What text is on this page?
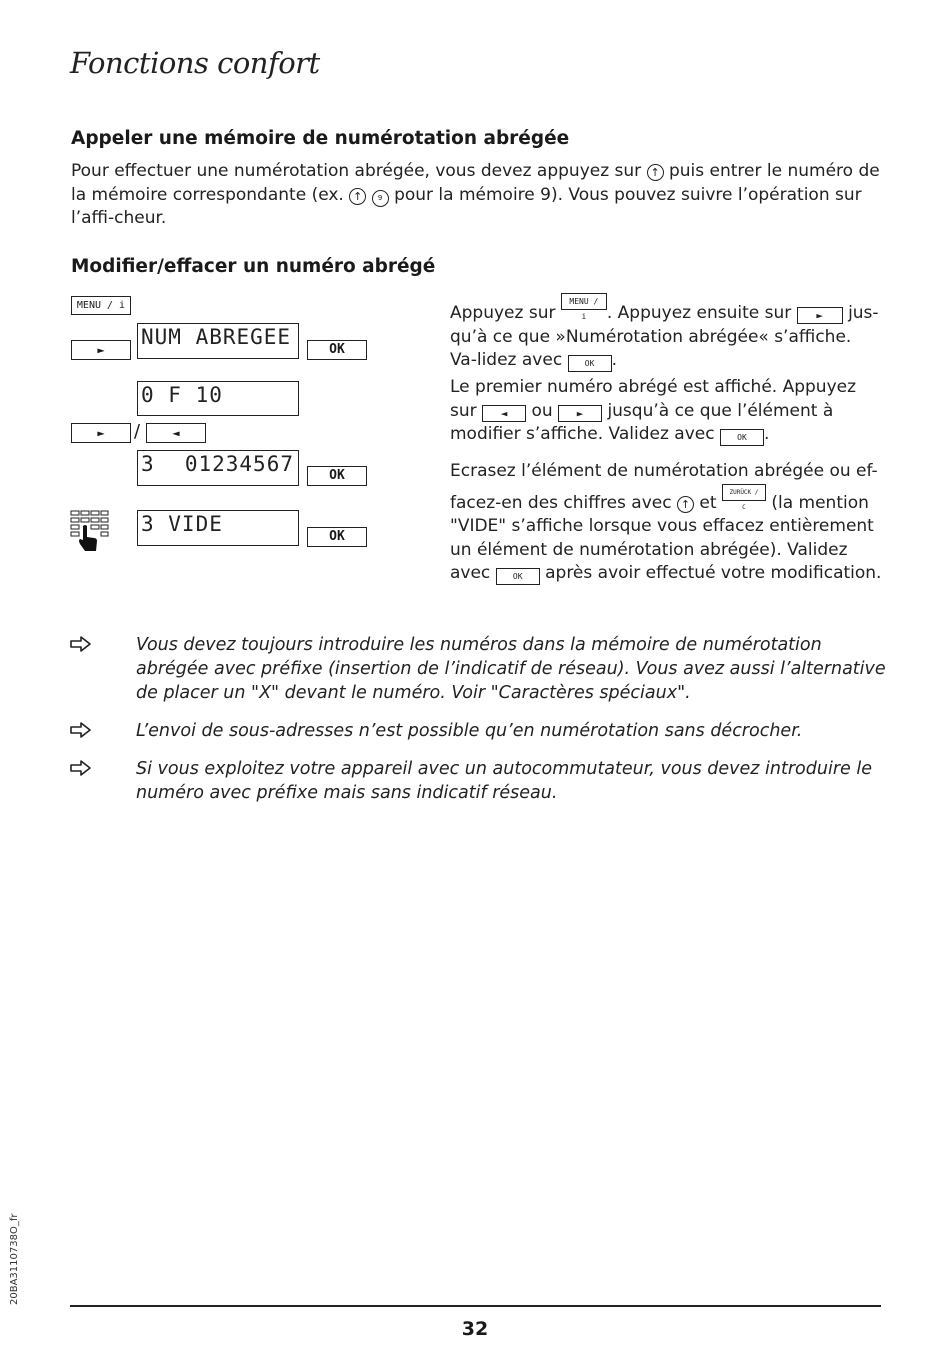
Fonctions confort
Appeler une mémoire de numérotation abrégée
Pour effectuer une numérotation abrégée, vous devez appuyez sur ↑ puis entrer le numéro de la mémoire correspondante (ex. ↑ 9 pour la mémoire 9). Vous pouvez suivre l’opération sur l’affi-cheur.
Modifier/effacer un numéro abrégé
MENU / i
►
NUM ABREGEE
OK
0 F 10
►	/	◄
3 01234567	OK
3 VIDE
OK
Appuyez sur MENU / i . Appuyez ensuite sur ► jus-qu’à ce que »Numérotation abrégée« s’affiche. Va-lidez avec	OK .
Le premier numéro abrégé est affiché. Appuyez sur ◄ ou ► jusqu’à ce que l’élément à modifier s’affiche. Validez avec	OK .
Ecrasez l’élément de numérotation abrégée ou ef-facez-en des chiffres avec ↑ et ZURÜCK / C (la mention "VIDE" s’affiche lorsque vous effacez entièrement un élément de numérotation abrégée). Validez avec	OK après avoir effectué votre modification.
Vous devez toujours introduire les numéros dans la mémoire de numérotation abrégée avec préfixe (insertion de l’indicatif de réseau). Vous avez aussi l’alternative de placer un "X" devant le numéro. Voir "Caractères spéciaux".
L’envoi de sous-adresses n’est possible qu’en numérotation sans décrocher.
Si vous exploitez votre appareil avec un autocommutateur, vous devez introduire le numéro avec préfixe mais sans indicatif réseau.
20BA3110738O_fr
32
